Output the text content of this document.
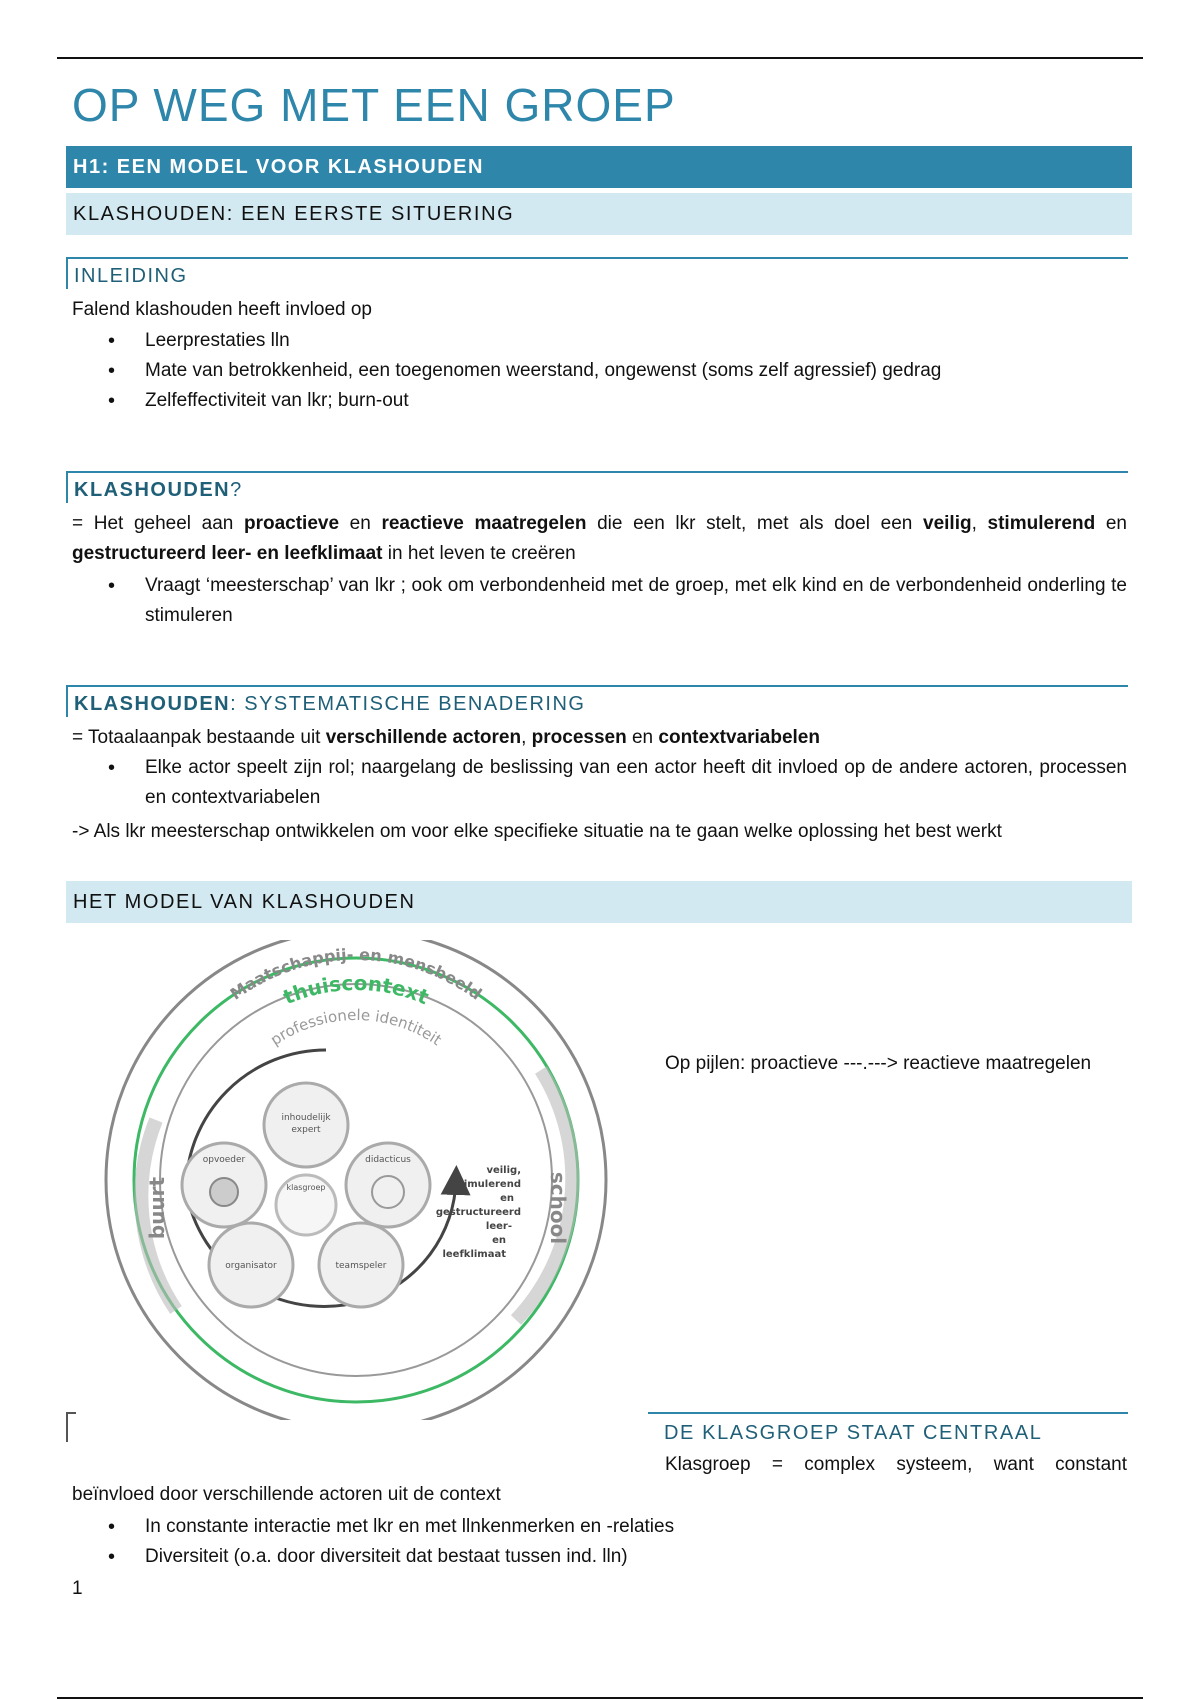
OP WEG MET EEN GROEP
H1: EEN MODEL VOOR KLASHOUDEN
KLASHOUDEN: EEN EERSTE SITUERING
INLEIDING
Falend klashouden heeft invloed op
• Leerprestaties lln
• Mate van betrokkenheid, een toegenomen weerstand, ongewenst (soms zelf agressief) gedrag
• Zelfeffectiviteit van lkr; burn-out
KLASHOUDEN?
= Het geheel aan proactieve en reactieve maatregelen die een lkr stelt, met als doel een veilig, stimulerend en gestructureerd leer- en leefklimaat in het leven te creëren
• Vraagt ‘meesterschap’ van lkr ; ook om verbondenheid met de groep, met elk kind en de verbondenheid onderling te stimuleren
KLASHOUDEN: SYSTEMATISCHE BENADERING
= Totaalaanpak bestaande uit verschillende actoren, processen en contextvariabelen
• Elke actor speelt zijn rol; naargelang de beslissing van een actor heeft dit invloed op de andere actoren, processen en contextvariabelen
-> Als lkr meesterschap ontwikkelen om voor elke specifieke situatie na te gaan welke oplossing het best werkt
HET MODEL VAN KLASHOUDEN
Maatschappij- en mensbeeld
thuiscontext
professionele identiteit
buurt	school
inhoudelijk
expert
opvoeder	didacticus
klasgroep
organisator	teamspeler
veilig,
stimulerend
en
gestructureerd
leer-
en
leefklimaat
Op pijlen: proactieve ---.---> reactieve maatregelen
DE KLASGROEP STAAT CENTRAAL
Klasgroep = complex systeem, want constant
beïnvloed door verschillende actoren uit de context
• In constante interactie met lkr en met llnkenmerken en -relaties
• Diversiteit (o.a. door diversiteit dat bestaat tussen ind. lln)
1
